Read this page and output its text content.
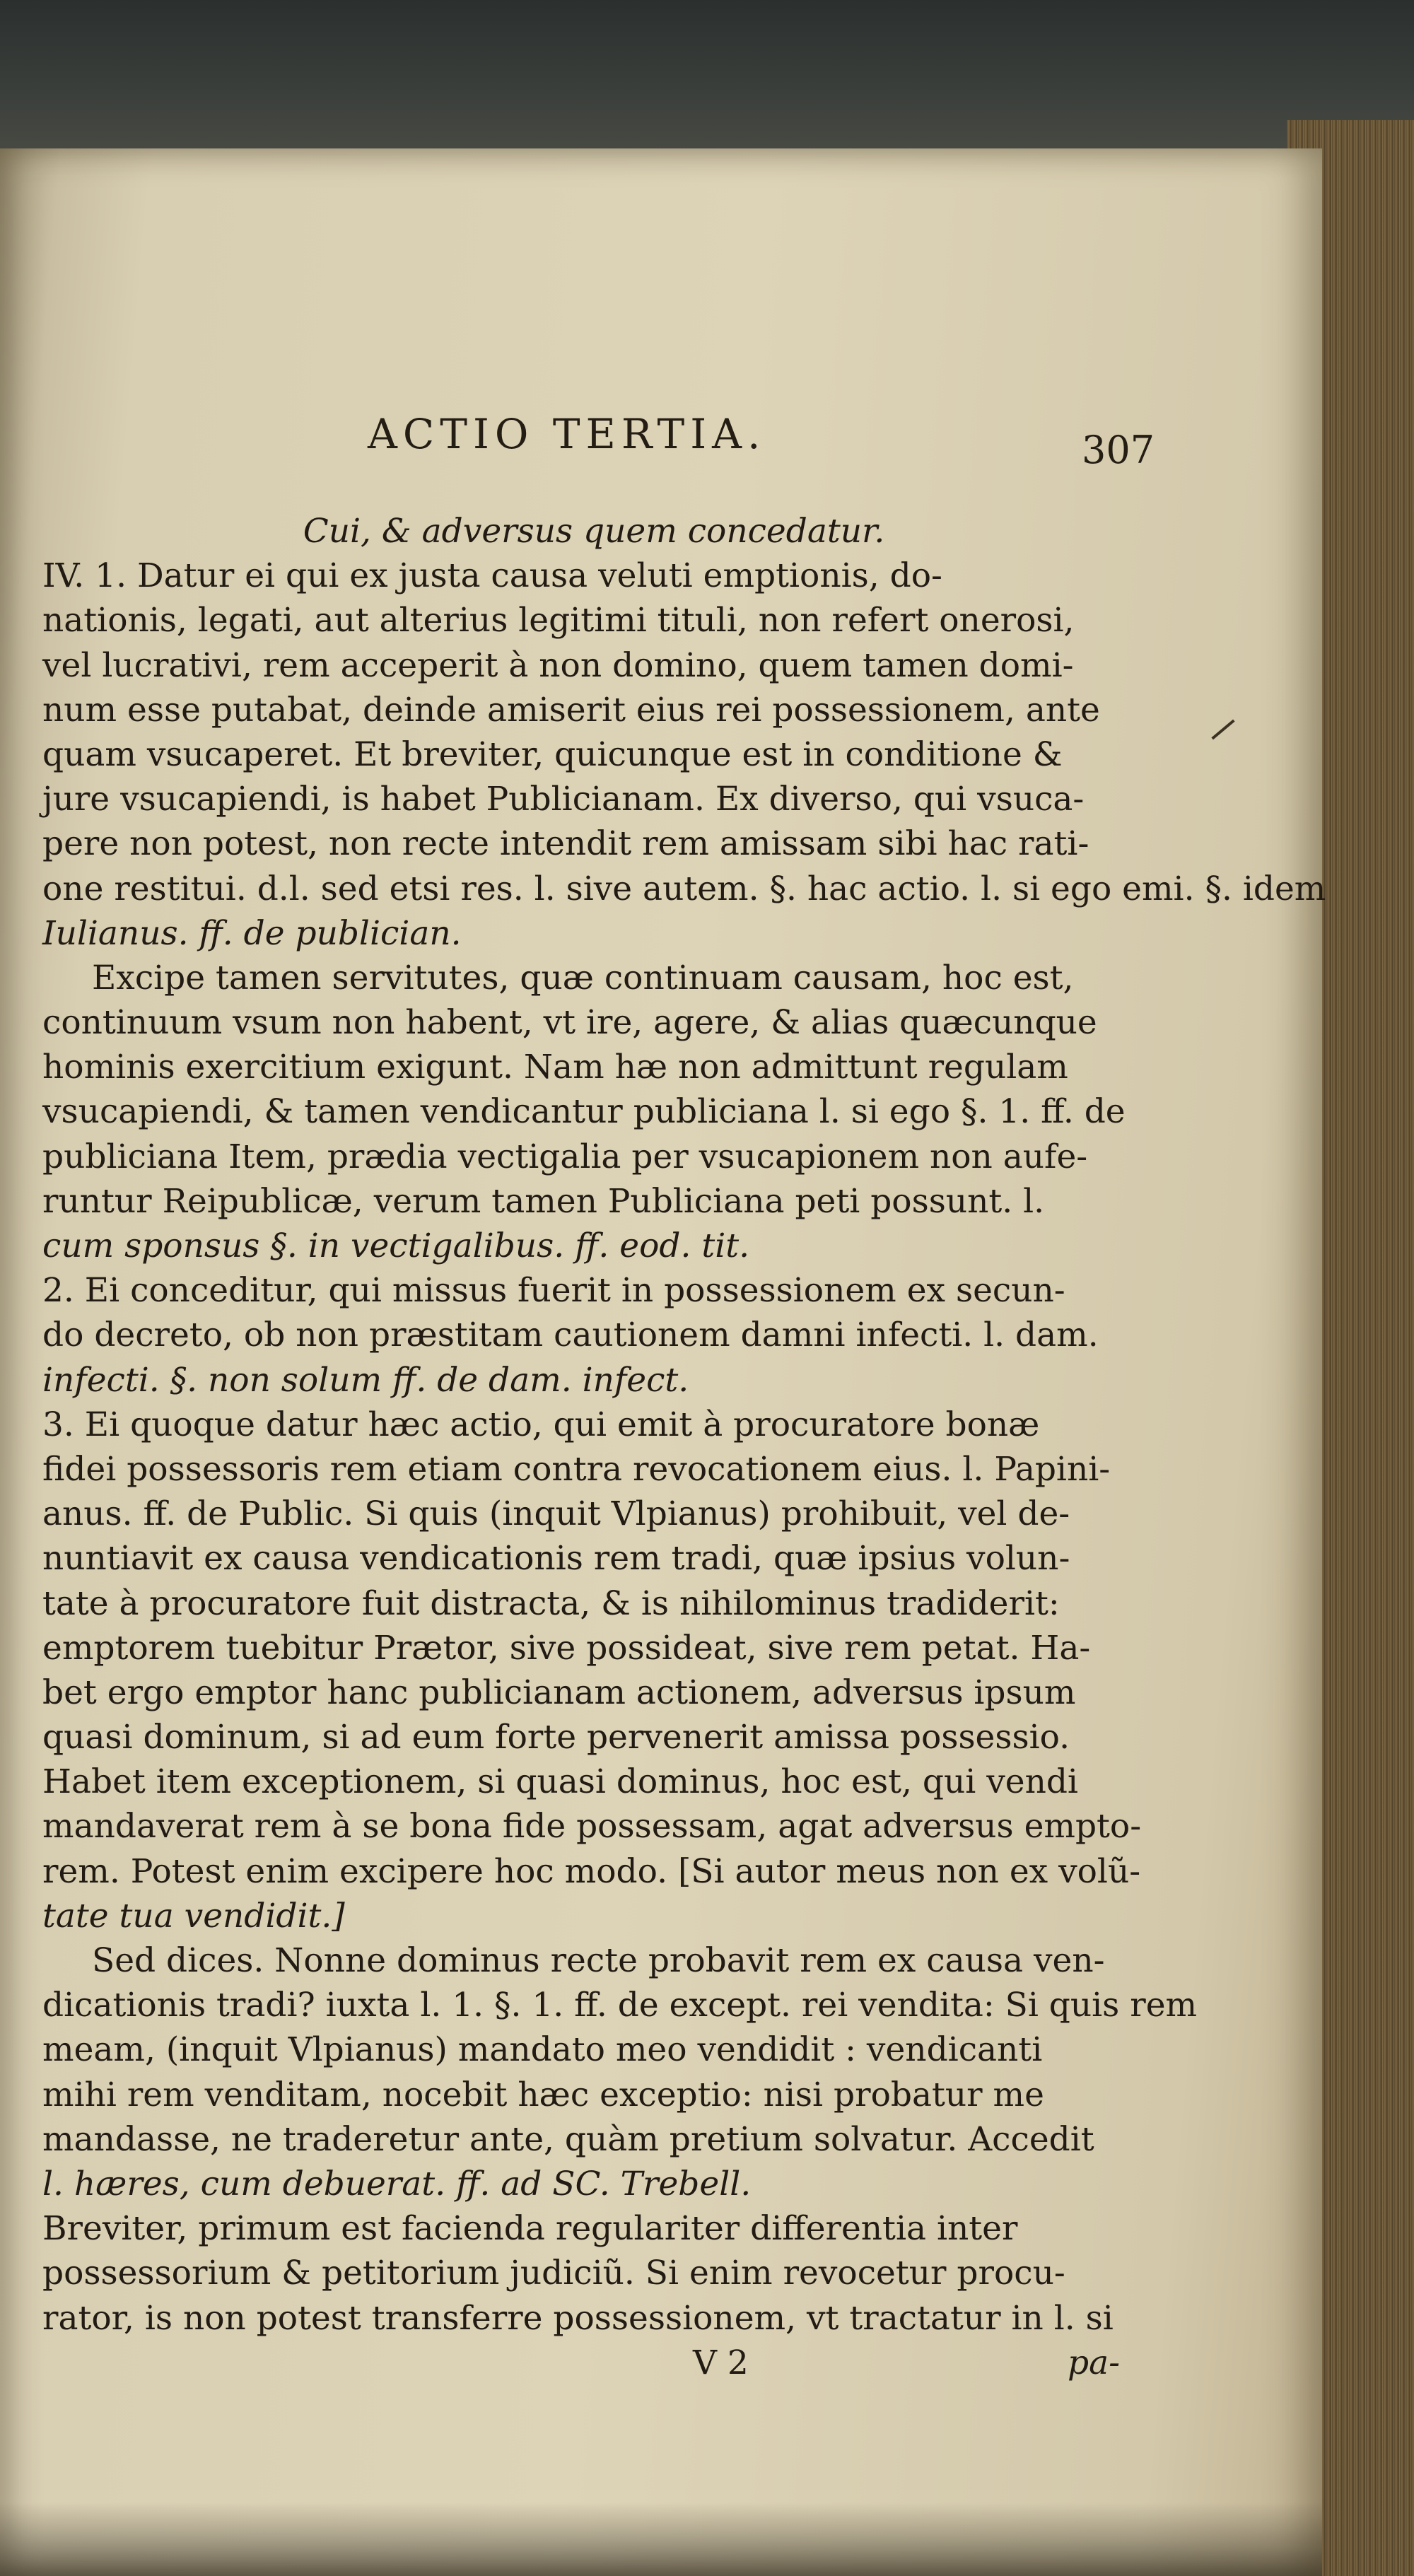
ACTIO TERTIA.	307
Cui, & adversus quem concedatur.
IV. 1. Datur ei qui ex justa causa veluti emptionis, do-
nationis, legati, aut alterius legitimi tituli, non refert onerosi,
vel lucrativi, rem acceperit à non domino, quem tamen domi-
num esse putabat, deinde amiserit eius rei possessionem, ante
quam vsucaperet. Et breviter, quicunque est in conditione &
jure vsucapiendi, is habet Publicianam. Ex diverso, qui vsuca-
pere non potest, non recte intendit rem amissam sibi hac rati-
one restitui. d.l. sed etsi res. l. sive autem. §. hac actio. l. si ego emi. §. idem
Iulianus. ff. de publician.
Excipe tamen servitutes, quæ continuam causam, hoc est,
continuum vsum non habent, vt ire, agere, & alias quæcunque
hominis exercitium exigunt. Nam hæ non admittunt regulam
vsucapiendi, & tamen vendicantur publiciana l. si ego §. 1. ff. de
publiciana Item, prædia vectigalia per vsucapionem non aufe-
runtur Reipublicæ, verum tamen Publiciana peti possunt. l.
cum sponsus §. in vectigalibus. ff. eod. tit.
2. Ei conceditur, qui missus fuerit in possessionem ex secun-
do decreto, ob non præstitam cautionem damni infecti. l. dam.
infecti. §. non solum ff. de dam. infect.
3. Ei quoque datur hæc actio, qui emit à procuratore bonæ
fidei possessoris rem etiam contra revocationem eius. l. Papini-
anus. ff. de Public. Si quis (inquit Vlpianus) prohibuit, vel de-
nuntiavit ex causa vendicationis rem tradi, quæ ipsius volun-
tate à procuratore fuit distracta, & is nihilominus tradiderit:
emptorem tuebitur Prætor, sive possideat, sive rem petat. Ha-
bet ergo emptor hanc publicianam actionem, adversus ipsum
quasi dominum, si ad eum forte pervenerit amissa possessio.
Habet item exceptionem, si quasi dominus, hoc est, qui vendi
mandaverat rem à se bona fide possessam, agat adversus empto-
rem. Potest enim excipere hoc modo. [Si autor meus non ex volũ-
tate tua vendidit.]
Sed dices. Nonne dominus recte probavit rem ex causa ven-
dicationis tradi? iuxta l. 1. §. 1. ff. de except. rei vendita: Si quis rem
meam, (inquit Vlpianus) mandato meo vendidit : vendicanti
mihi rem venditam, nocebit hæc exceptio: nisi probatur me
mandasse, ne traderetur ante, quàm pretium solvatur. Accedit
l. hæres, cum debuerat. ff. ad SC. Trebell.
Breviter, primum est facienda regulariter differentia inter
possessorium & petitorium judiciũ. Si enim revocetur procu-
rator, is non potest transferre possessionem, vt tractatur in l. si
V 2	pa-
